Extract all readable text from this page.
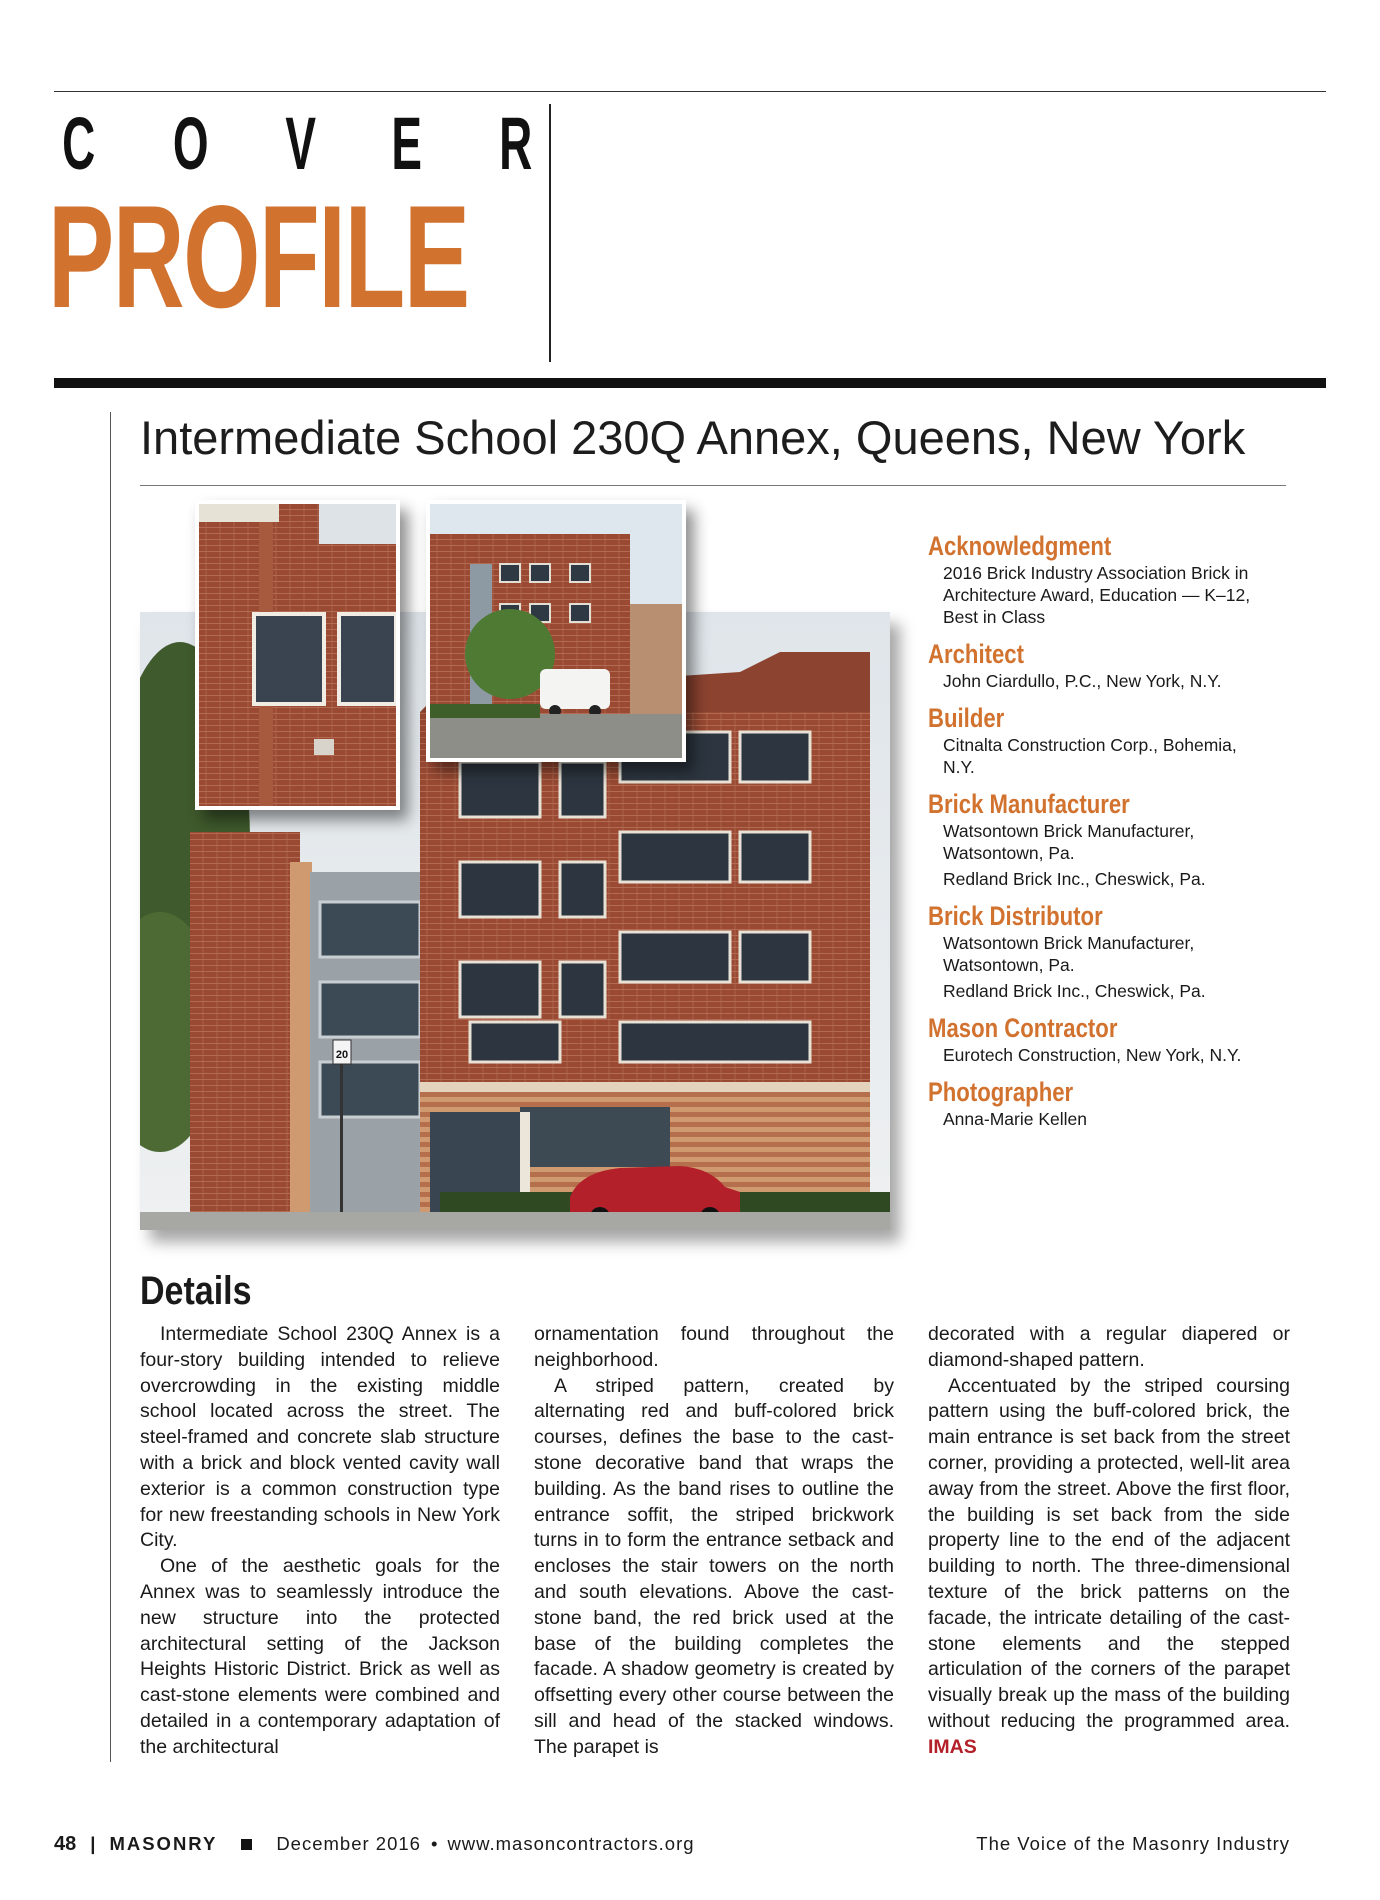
C O V E R
PROFILE
Intermediate School 230Q Annex, Queens, New York
20
Acknowledgment
2016 Brick Industry Association Brick in
Architecture Award, Education — K–12,
Best in Class
Architect
John Ciardullo, P.C., New York, N.Y.
Builder
Citnalta Construction Corp., Bohemia,
N.Y.
Brick Manufacturer
Watsontown Brick Manufacturer,
Watsontown, Pa.
Redland Brick Inc., Cheswick, Pa.
Brick Distributor
Watsontown Brick Manufacturer,
Watsontown, Pa.
Redland Brick Inc., Cheswick, Pa.
Mason Contractor
Eurotech Construction, New York, N.Y.
Photographer
Anna-Marie Kellen
Details

Intermediate School 230Q Annex is a four-story building intended to relieve overcrowding in the existing middle school located across the street. The steel-framed and concrete slab structure with a brick and block vented cavity wall exterior is a common construction type for new freestanding schools in New York City.

One of the aesthetic goals for the Annex was to seamlessly introduce the new structure into the protected architectural setting of the Jackson Heights Historic District. Brick as well as cast-stone elements were combined and detailed in a contemporary adaptation of the architectural

ornamentation found throughout the neighborhood.

A striped pattern, created by alternating red and buff-colored brick courses, defines the base to the cast-stone decorative band that wraps the building. As the band rises to outline the entrance soffit, the striped brickwork turns in to form the entrance setback and encloses the stair towers on the north and south elevations. Above the cast-stone band, the red brick used at the base of the building completes the facade. A shadow geometry is created by offsetting every other course between the sill and head of the stacked windows. The parapet is

decorated with a regular diapered or diamond-shaped pattern.

Accentuated by the striped coursing pattern using the buff-colored brick, the main entrance is set back from the street corner, providing a protected, well-lit area away from the street. Above the first floor, the building is set back from the side property line to the end of the adjacent building to north. The three-dimensional texture of the brick patterns on the facade, the intricate detailing of the cast-stone elements and the stepped articulation of the corners of the parapet visually break up the mass of the building without reducing the programmed area. IMAS

48 | MASONRY	December 2016 • www.masoncontractors.org	The Voice of the Masonry Industry
